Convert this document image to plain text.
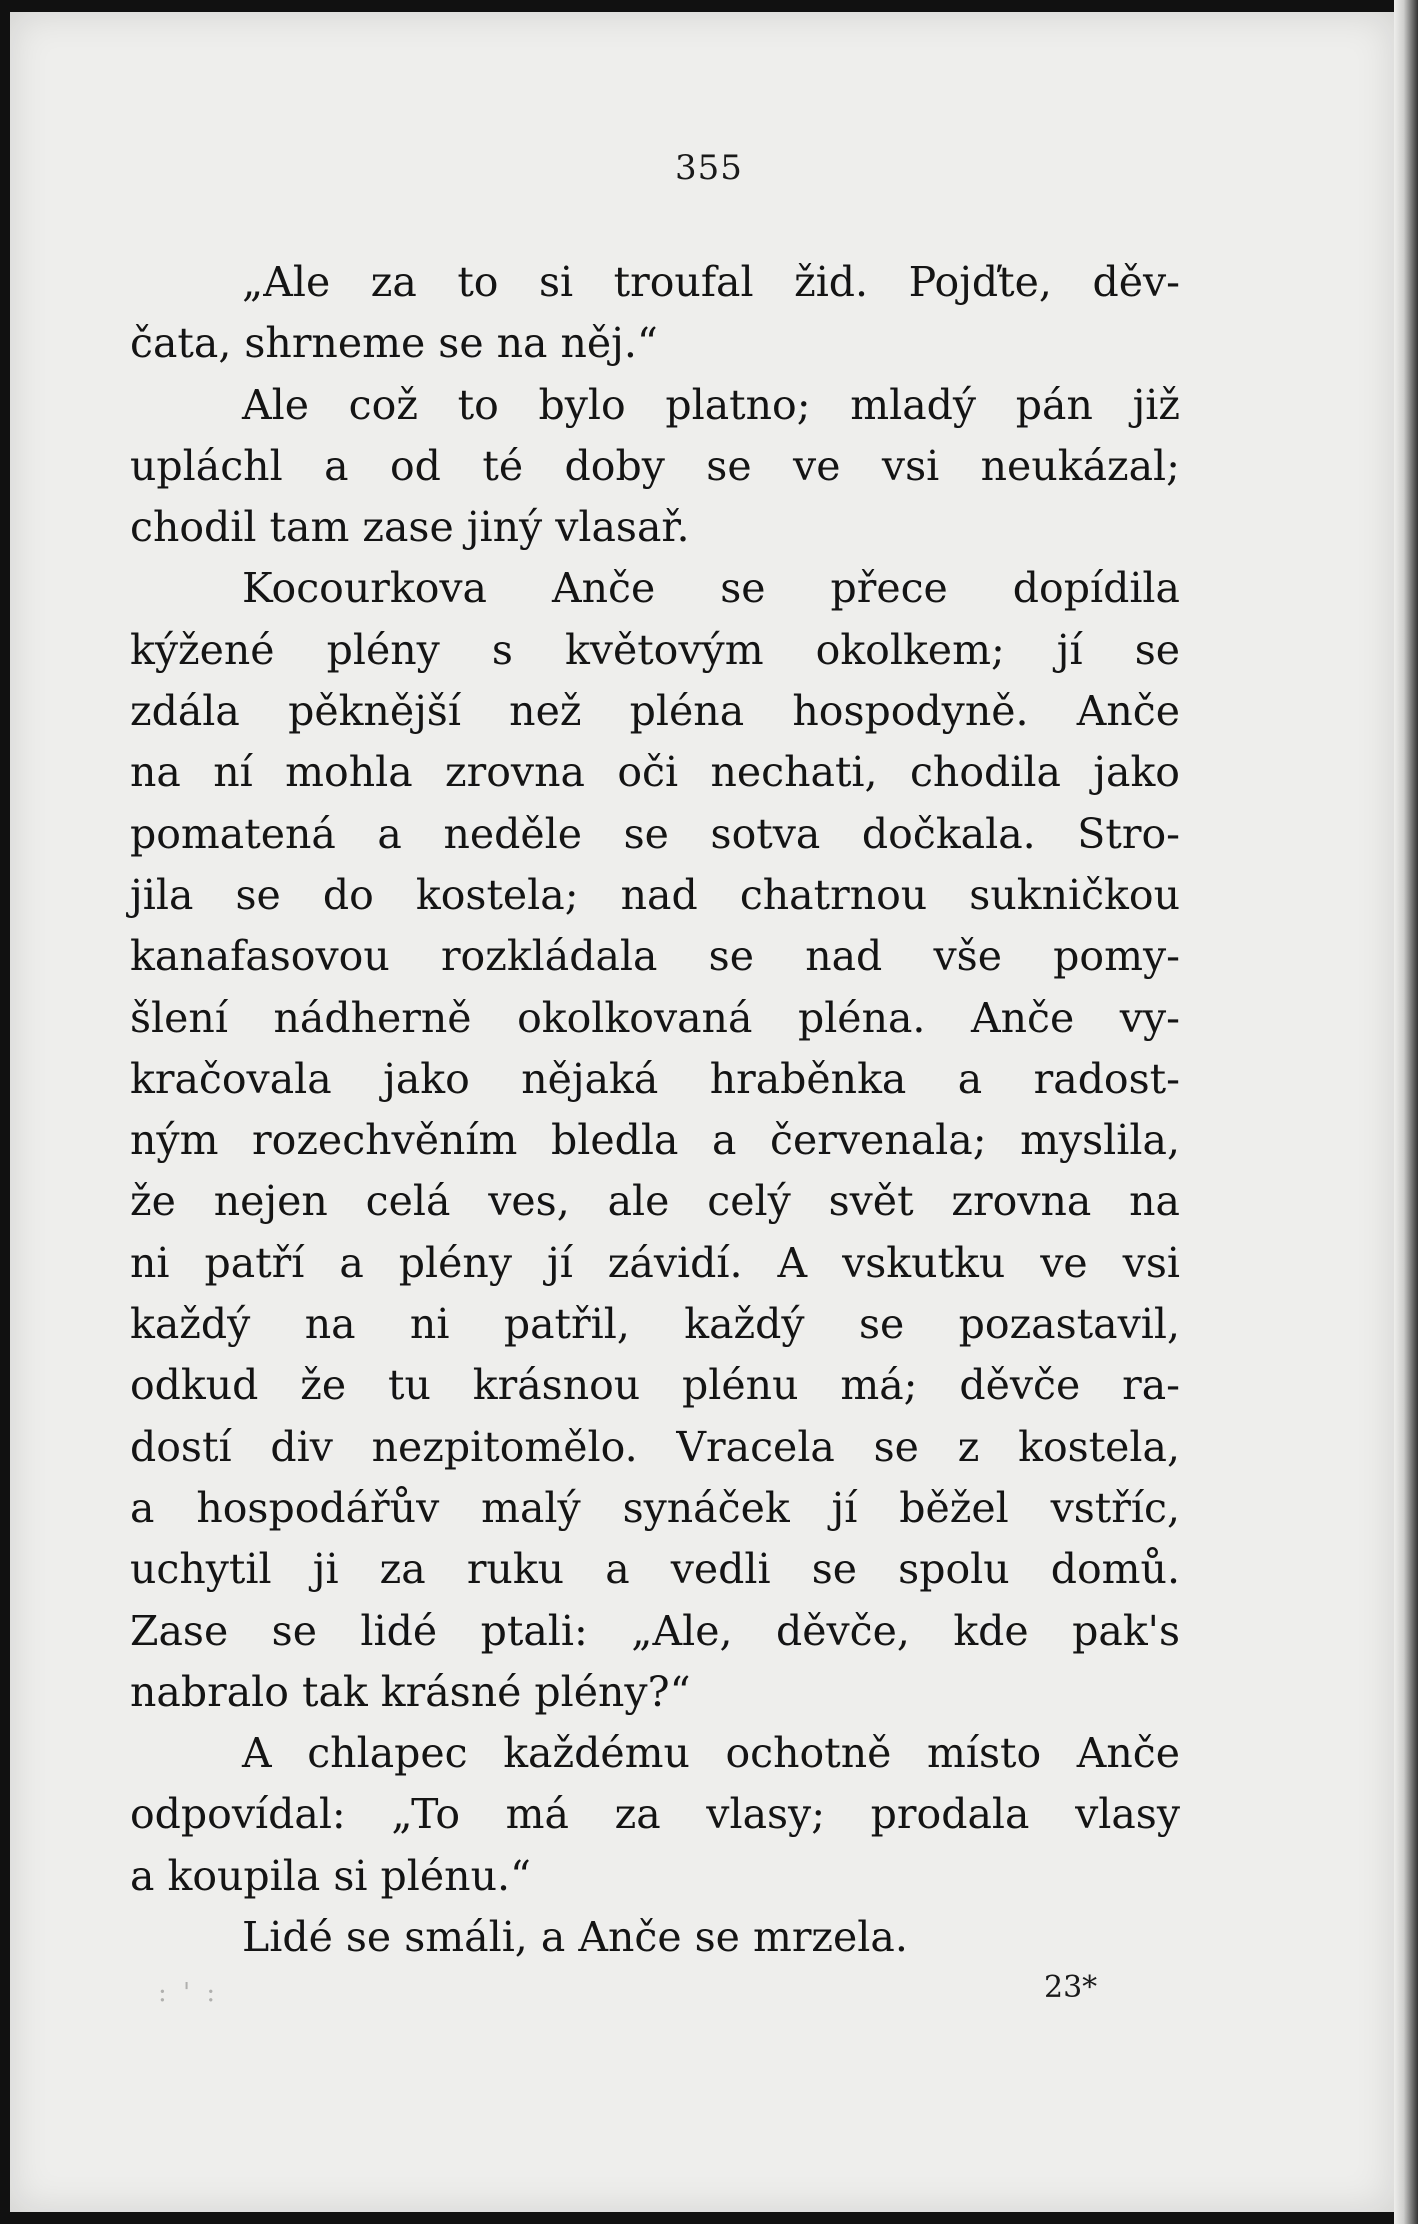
355
„Ale za to si troufal žid. Pojďte, děv-
čata, shrneme se na něj.“
Ale což to bylo platno; mladý pán již
upláchl a od té doby se ve vsi neukázal;
chodil tam zase jiný vlasař.
Kocourkova Anče se přece dopídila
kýžené plény s květovým okolkem; jí se
zdála pěknější než pléna hospodyně. Anče
na ní mohla zrovna oči nechati, chodila jako
pomatená a neděle se sotva dočkala. Stro-
jila se do kostela; nad chatrnou sukničkou
kanafasovou rozkládala se nad vše pomy-
šlení nádherně okolkovaná pléna. Anče vy-
kračovala jako nějaká hraběnka a radost-
ným rozechvěním bledla a červenala; myslila,
že nejen celá ves, ale celý svět zrovna na
ni patří a plény jí závidí. A vskutku ve vsi
každý na ni patřil, každý se pozastavil,
odkud že tu krásnou plénu má; děvče ra-
dostí div nezpitomělo. Vracela se z kostela,
a hospodářův malý synáček jí běžel vstříc,
uchytil ji za ruku a vedli se spolu domů.
Zase se lidé ptali: „Ale, děvče, kde pak's
nabralo tak krásné plény?“
A chlapec každému ochotně místo Anče
odpovídal: „To má za vlasy; prodala vlasy
a koupila si plénu.“
Lidé se smáli, a Anče se mrzela.
: ' :	23*
